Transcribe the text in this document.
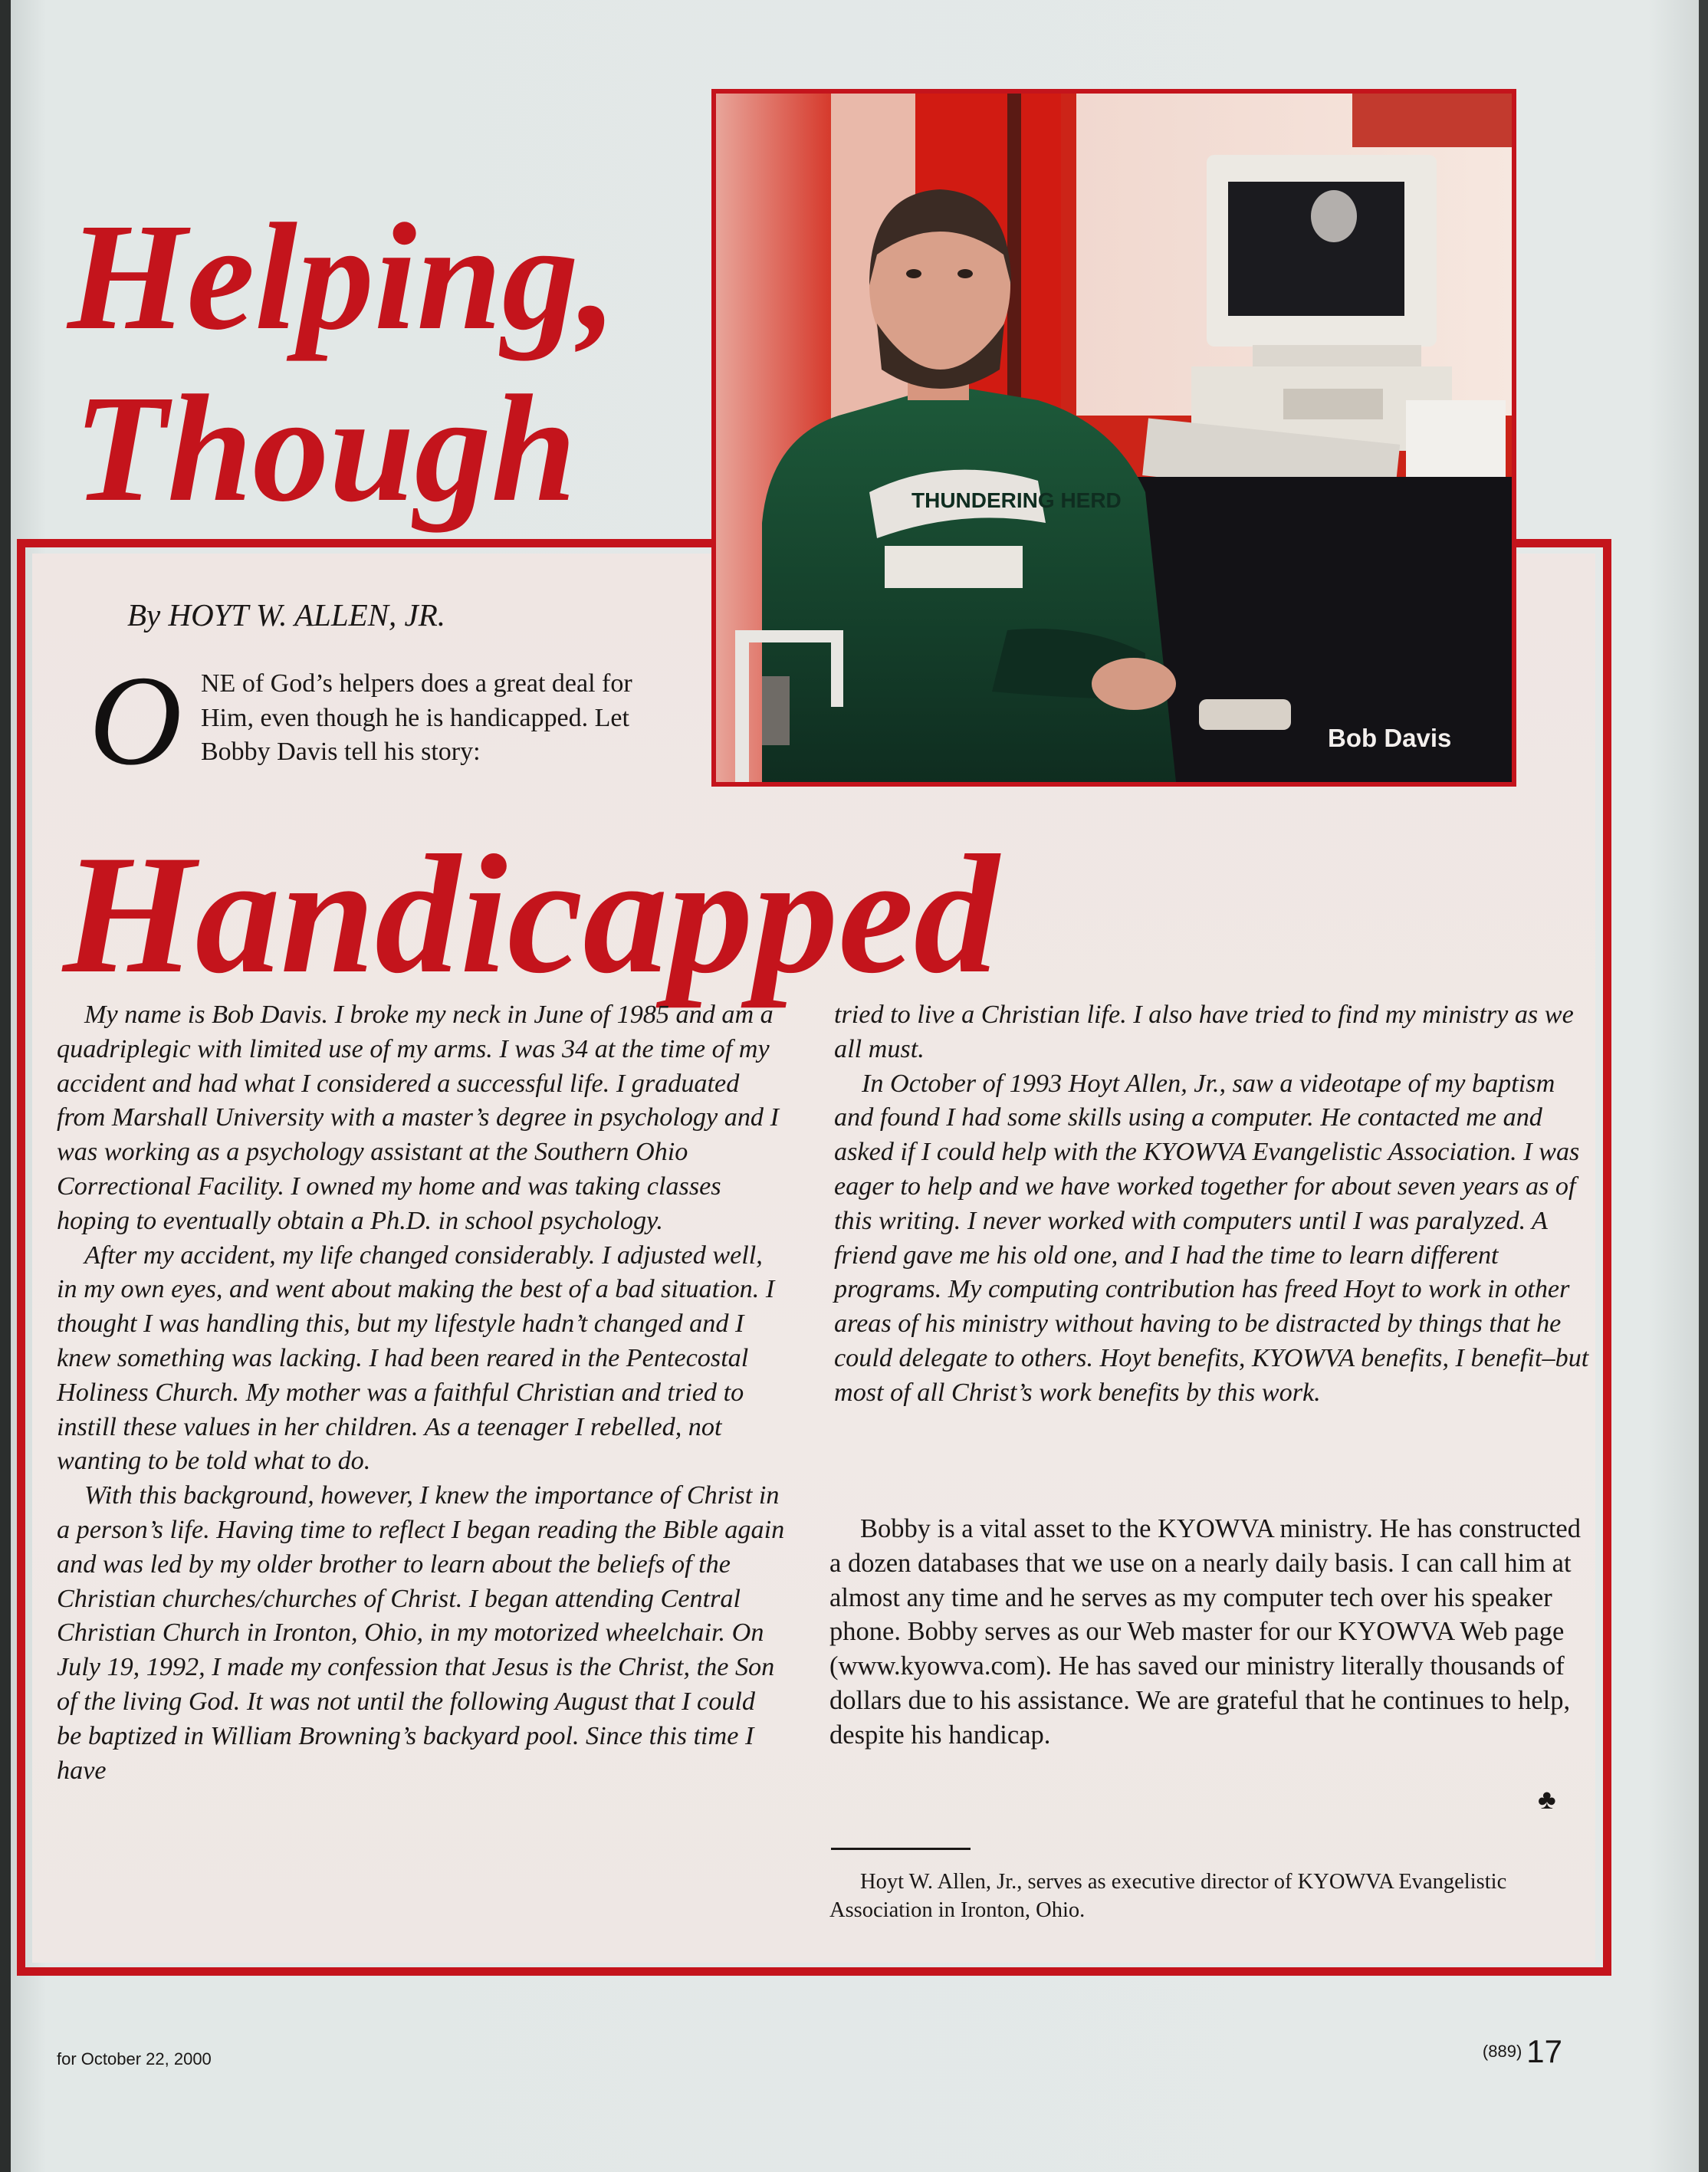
Helping,
Though	THUNDERING HERD
Bob Davis

By HOYT W. ALLEN, JR.

O NE of God’s helpers does a great deal for Him, even though he is handicapped. Let Bobby Davis tell his story:

Handicapped

My name is Bob Davis. I broke my neck in June of 1985 and am a quadriplegic with limited use of my arms. I was 34 at the time of my accident and had what I considered a successful life. I graduated from Marshall University with a master’s degree in psychology and I was working as a psychology assistant at the Southern Ohio Correctional Facility. I owned my home and was taking classes hoping to eventually obtain a Ph.D. in school psychology.

After my accident, my life changed considerably. I adjusted well, in my own eyes, and went about making the best of a bad situation. I thought I was handling this, but my lifestyle hadn’t changed and I knew something was lacking. I had been reared in the Pentecostal Holiness Church. My mother was a faithful Christian and tried to instill these values in her children. As a teenager I rebelled, not wanting to be told what to do.

With this background, however, I knew the importance of Christ in a person’s life. Having time to reflect I began reading the Bible again and was led by my older brother to learn about the beliefs of the Christian churches/churches of Christ. I began attending Central Christian Church in Ironton, Ohio, in my motorized wheelchair. On July 19, 1992, I made my confession that Jesus is the Christ, the Son of the living God. It was not until the following August that I could be baptized in William Browning’s backyard pool. Since this time I have

tried to live a Christian life. I also have tried to find my ministry as we all must.

In October of 1993 Hoyt Allen, Jr., saw a videotape of my baptism and found I had some skills using a computer. He contacted me and asked if I could help with the KYOWVA Evangelistic Association. I was eager to help and we have worked together for about seven years as of this writing. I never worked with computers until I was paralyzed. A friend gave me his old one, and I had the time to learn different programs. My computing contribution has freed Hoyt to work in other areas of his ministry without having to be distracted by things that he could delegate to others. Hoyt benefits, KYOWVA benefits, I benefit–but most of all Christ’s work benefits by this work.

Bobby is a vital asset to the KYOWVA ministry. He has constructed a dozen databases that we use on a nearly daily basis. I can call him at almost any time and he serves as my computer tech over his speaker phone. Bobby serves as our Web master for our KYOWVA Web page (www.kyowva.com). He has saved our ministry literally thousands of dollars due to his assistance. We are grateful that he continues to help, despite his handicap.

♣

Hoyt W. Allen, Jr., serves as executive director of KYOWVA Evangelistic Association in Ironton, Ohio.

for October 22, 2000	(889) 17
